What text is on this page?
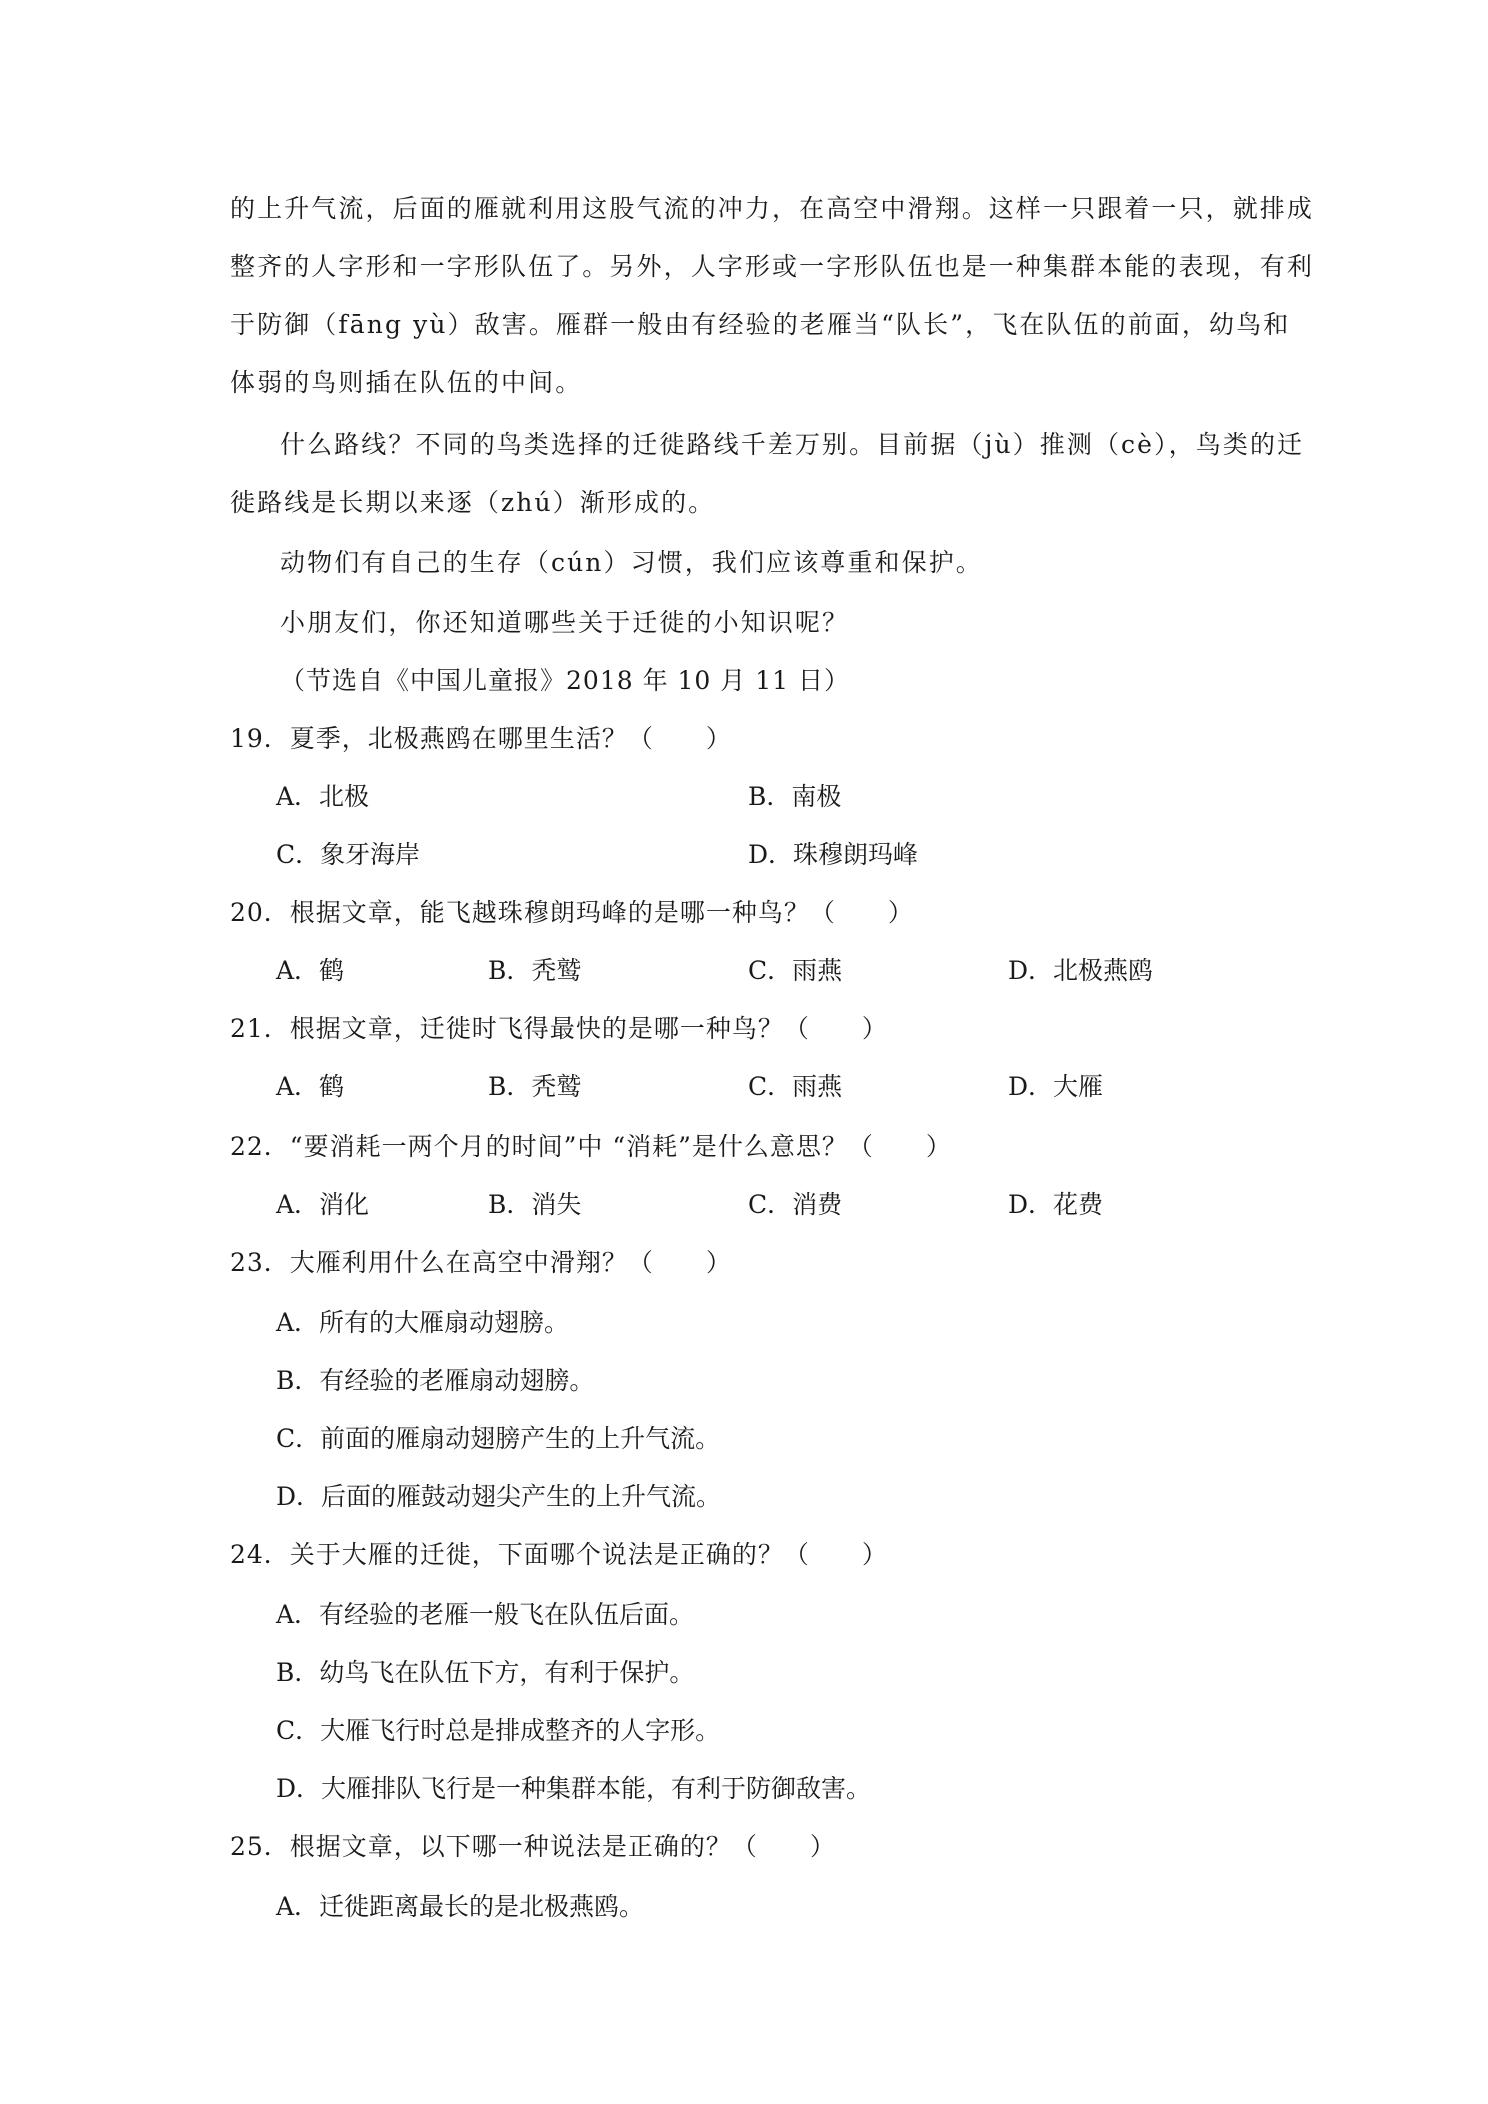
的上升气流，后面的雁就利用这股气流的冲力，在高空中滑翔。这样一只跟着一只，就排成
整齐的人字形和一字形队伍了。另外，人字形或一字形队伍也是一种集群本能的表现，有利
于防御（fāng yù）敌害。雁群一般由有经验的老雁当“队长”，飞在队伍的前面，幼鸟和
体弱的鸟则插在队伍的中间。
什么路线？不同的鸟类选择的迁徙路线千差万别。目前据（jù）推测（cè），鸟类的迁
徙路线是长期以来逐（zhú）渐形成的。
动物们有自己的生存（cún）习惯，我们应该尊重和保护。
小朋友们，你还知道哪些关于迁徙的小知识呢？
（节选自《中国儿童报》2018 年 10 月 11 日）
19．夏季，北极燕鸥在哪里生活？（　　）
A．北极	B．南极
C．象牙海岸	D．珠穆朗玛峰
20．根据文章，能飞越珠穆朗玛峰的是哪一种鸟？（　　）
A．鹤	B．秃鹫	C．雨燕	D．北极燕鸥
21．根据文章，迁徙时飞得最快的是哪一种鸟？（　　）
A．鹤	B．秃鹫	C．雨燕	D．大雁
22．“要消耗一两个月的时间”中 “消耗”是什么意思？（　　）
A．消化	B．消失	C．消费	D．花费
23．大雁利用什么在高空中滑翔？（　　）
A．所有的大雁扇动翅膀。
B．有经验的老雁扇动翅膀。
C．前面的雁扇动翅膀产生的上升气流。
D．后面的雁鼓动翅尖产生的上升气流。
24．关于大雁的迁徙，下面哪个说法是正确的？（　　）
A．有经验的老雁一般飞在队伍后面。
B．幼鸟飞在队伍下方，有利于保护。
C．大雁飞行时总是排成整齐的人字形。
D．大雁排队飞行是一种集群本能，有利于防御敌害。
25．根据文章，以下哪一种说法是正确的？（　　）
A．迁徙距离最长的是北极燕鸥。
